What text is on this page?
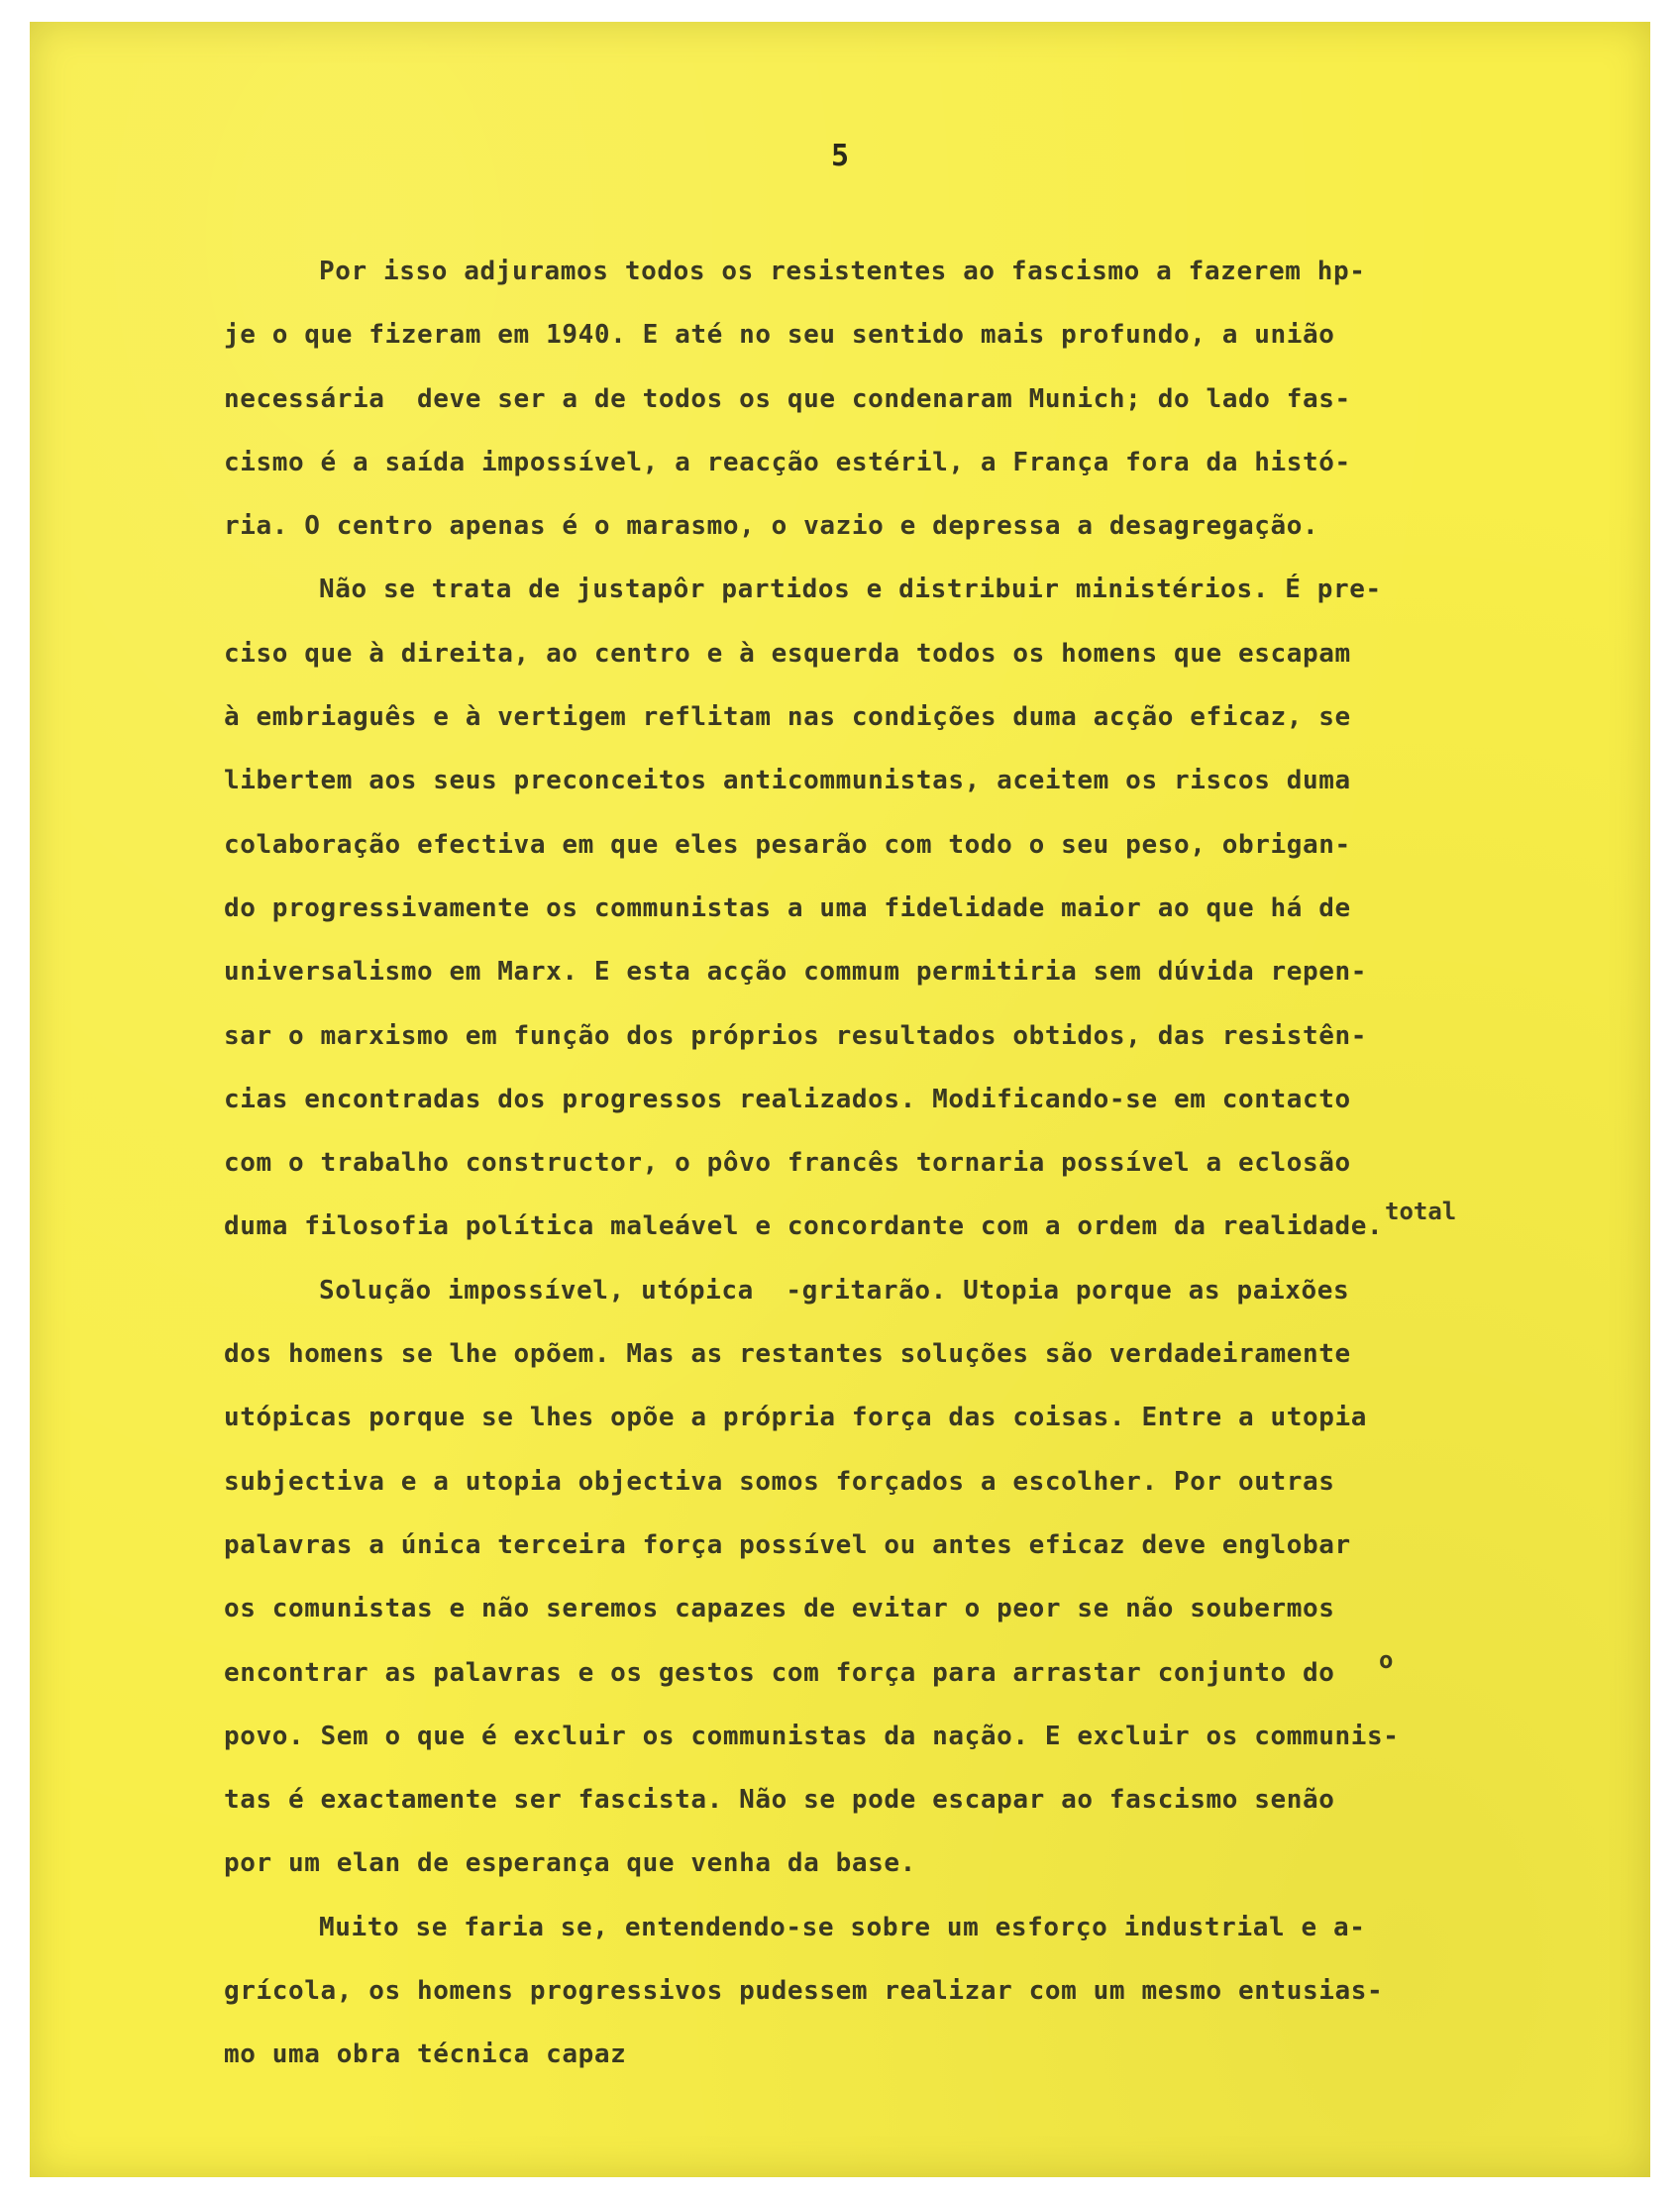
5
total
o
Por isso adjuramos todos os resistentes ao fascismo a fazerem hp-
je o que fizeram em 1940. E até no seu sentido mais profundo, a união
necessária  deve ser a de todos os que condenaram Munich; do lado fas-
cismo é a saída impossível, a reacção estéril, a França fora da histó-
ria. O centro apenas é o marasmo, o vazio e depressa a desagregação.
Não se trata de justapôr partidos e distribuir ministérios. É pre-
ciso que à direita, ao centro e à esquerda todos os homens que escapam
à embriaguês e à vertigem reflitam nas condições duma acção eficaz, se
libertem aos seus preconceitos anticommunistas, aceitem os riscos duma
colaboração efectiva em que eles pesarão com todo o seu peso, obrigan-
do progressivamente os communistas a uma fidelidade maior ao que há de
universalismo em Marx. E esta acção commum permitiria sem dúvida repen-
sar o marxismo em função dos próprios resultados obtidos, das resistên-
cias encontradas dos progressos realizados. Modificando-se em contacto
com o trabalho constructor, o pôvo francês tornaria possível a eclosão
duma filosofia política maleável e concordante com a ordem da realidade.
Solução impossível, utópica  -gritarão. Utopia porque as paixões
dos homens se lhe opõem. Mas as restantes soluções são verdadeiramente
utópicas porque se lhes opõe a própria força das coisas. Entre a utopia
subjectiva e a utopia objectiva somos forçados a escolher. Por outras
palavras a única terceira força possível ou antes eficaz deve englobar
os comunistas e não seremos capazes de evitar o peor se não soubermos
encontrar as palavras e os gestos com força para arrastar conjunto do
povo. Sem o que é excluir os communistas da nação. E excluir os communis-
tas é exactamente ser fascista. Não se pode escapar ao fascismo senão
por um elan de esperança que venha da base.
Muito se faria se, entendendo-se sobre um esforço industrial e a-
grícola, os homens progressivos pudessem realizar com um mesmo entusias-
mo uma obra técnica capaz
